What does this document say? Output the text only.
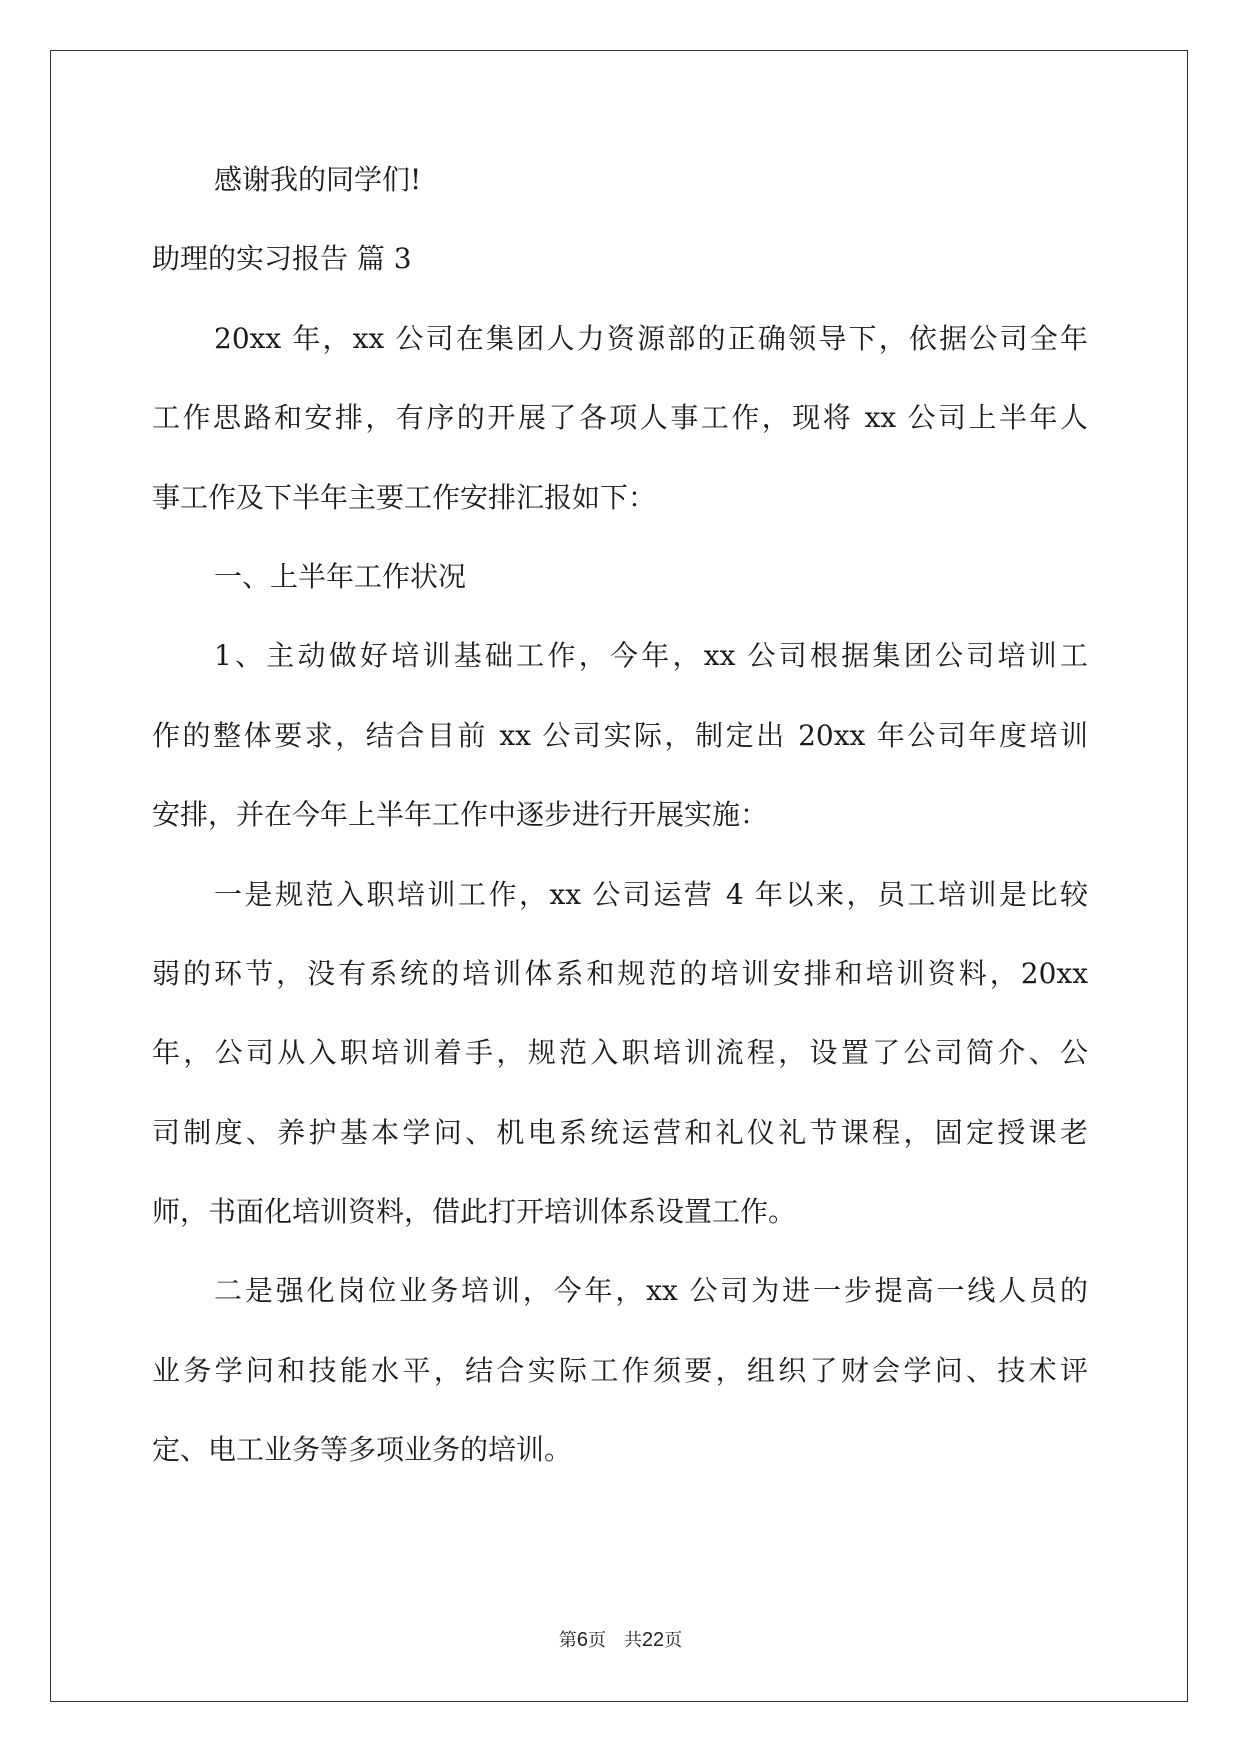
感谢我的同学们!
助理的实习报告 篇 3
20xx 年，xx 公司在集团人力资源部的正确领导下，依据公司全年
工作思路和安排，有序的开展了各项人事工作，现将 xx 公司上半年人
事工作及下半年主要工作安排汇报如下：
一、上半年工作状况
1、主动做好培训基础工作，今年，xx 公司根据集团公司培训工
作的整体要求，结合目前 xx 公司实际，制定出 20xx 年公司年度培训
安排，并在今年上半年工作中逐步进行开展实施：
一是规范入职培训工作，xx 公司运营 4 年以来，员工培训是比较
弱的环节，没有系统的培训体系和规范的培训安排和培训资料，20xx
年，公司从入职培训着手，规范入职培训流程，设置了公司简介、公
司制度、养护基本学问、机电系统运营和礼仪礼节课程，固定授课老
师，书面化培训资料，借此打开培训体系设置工作。
二是强化岗位业务培训，今年，xx 公司为进一步提高一线人员的
业务学问和技能水平，结合实际工作须要，组织了财会学问、技术评
定、电工业务等多项业务的培训。
第6页 共22页
